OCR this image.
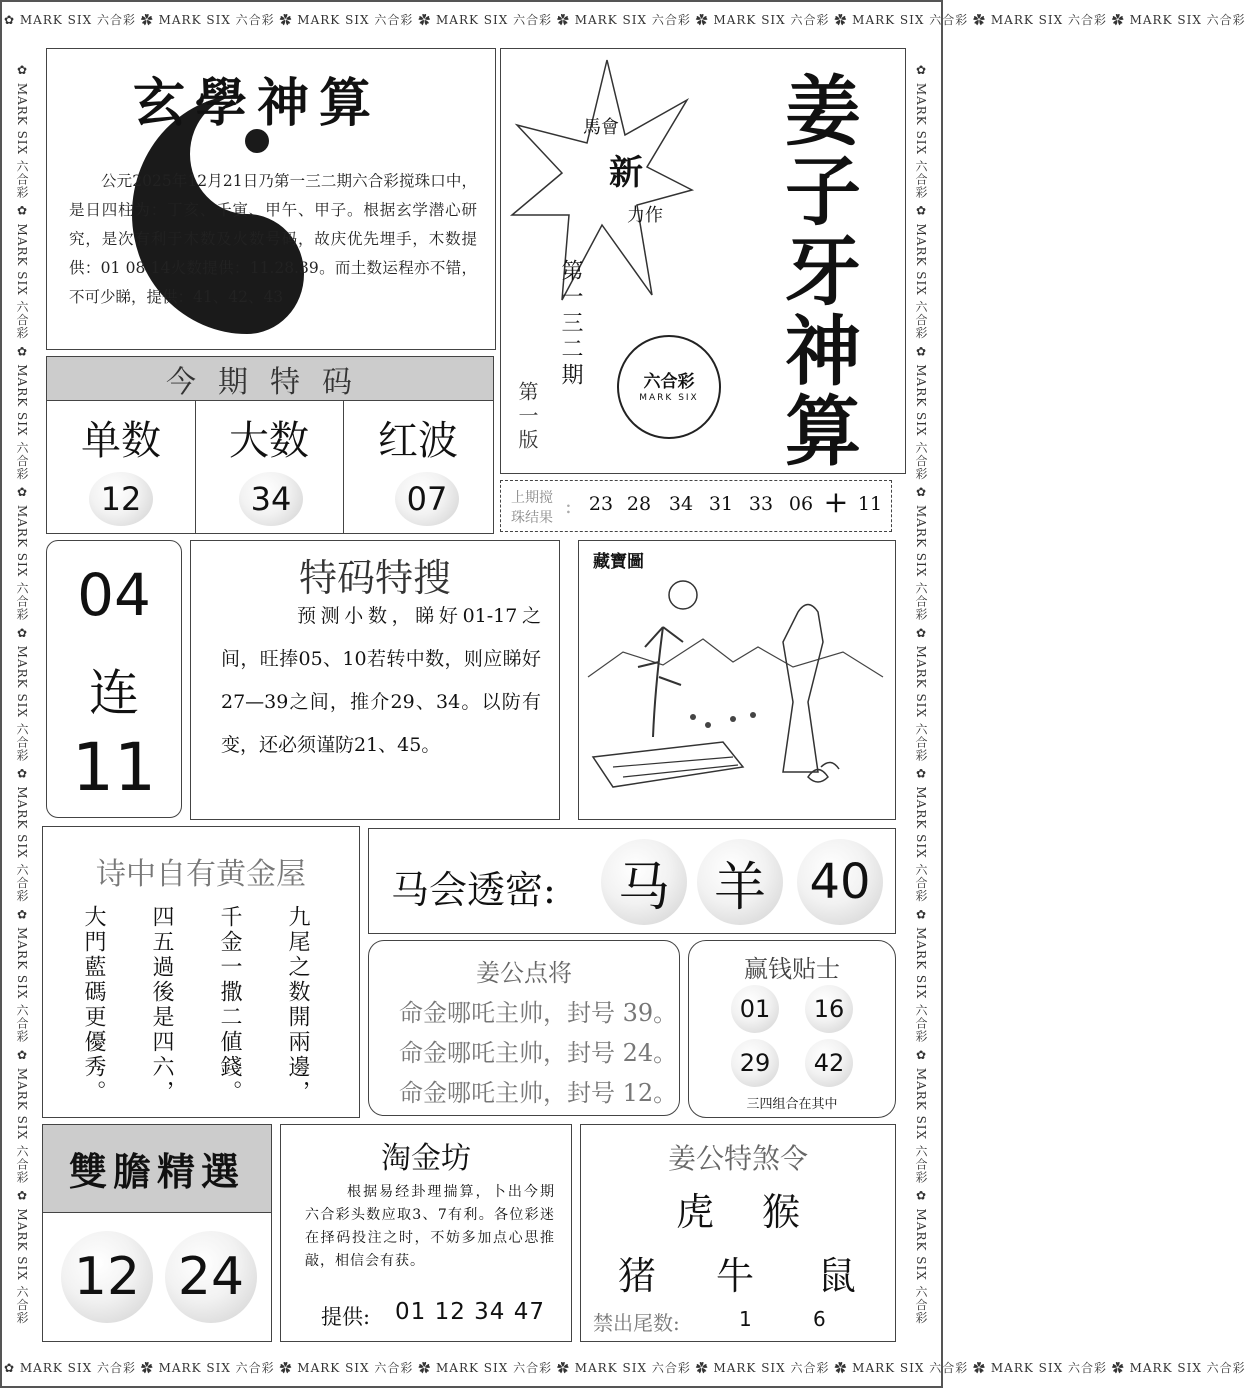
✿ MARK SIX 六合彩 ✿ MARK SIX 六合彩 ✿ MARK SIX 六合彩 ✿ MARK SIX 六合彩 ✿ MARK SIX 六合彩 ✿ MARK SIX 六合彩 ✿ MARK SIX 六合彩 ✿ MARK SIX 六合彩 ✿ MARK SIX 六合彩
✿ MARK SIX 六合彩 ✿ MARK SIX 六合彩 ✿ MARK SIX 六合彩 ✿ MARK SIX 六合彩 ✿ MARK SIX 六合彩 ✿ MARK SIX 六合彩 ✿ MARK SIX 六合彩 ✿ MARK SIX 六合彩 ✿ MARK SIX 六合彩
✿ MARK SIX 六合彩 ✿ MARK SIX 六合彩 ✿ MARK SIX 六合彩 ✿ MARK SIX 六合彩 ✿ MARK SIX 六合彩 ✿ MARK SIX 六合彩 ✿ MARK SIX 六合彩 ✿ MARK SIX 六合彩 ✿ MARK SIX 六合彩	✿ MARK SIX 六合彩 ✿ MARK SIX 六合彩 ✿ MARK SIX 六合彩 ✿ MARK SIX 六合彩 ✿ MARK SIX 六合彩 ✿ MARK SIX 六合彩 ✿ MARK SIX 六合彩 ✿ MARK SIX 六合彩 ✿ MARK SIX 六合彩
玄學神算
公元2025年12月21日乃第一三二期六合彩搅珠口中，是日四柱为：丁亥、千寅、甲午、甲子。根据玄学潜心研究，是次有利于木数及火数号码，故庆优先埋手，木数提供：01 08 14火数提供：11.28.39。而土数运程亦不错，不可少睇，提供：41、42、43
馬會
新
力作
第一三二期
第一版	六合彩
MARK SIX
姜
子
牙
神
算
今期特码
单数	大数	红波
12	34	07	上期搅
珠结果 : 23 28 34 31 33 06 + 11
04
连
11
特码特搜
预测小数，睇好01-17之间，旺捧05、10若转中数，则应睇好27—39之间，推介29、34。以防有变，还必须谨防21、45。
藏寶圖
诗中自有黄金屋
九尾之数開兩邊，
千金一撒二値錢。
四五過後是四六，
大門藍碼更優秀。
马会透密:	马 羊 40
姜公点将
命金哪吒主帅，封号 39。
命金哪吒主帅，封号 24。
命金哪吒主帅，封号 12。
赢钱贴士
01	16
29	42
三四组合在其中
雙膽精選
12 24
淘金坊
根据易经卦理揣算，卜出今期六合彩头数应取3、7有利。各位彩迷在择码投注之时，不妨多加点心思推敲，相信会有获。
提供: 01 12 34 47
姜公特煞令
虎	猴
猪	牛	鼠
禁出尾数:	1	6
